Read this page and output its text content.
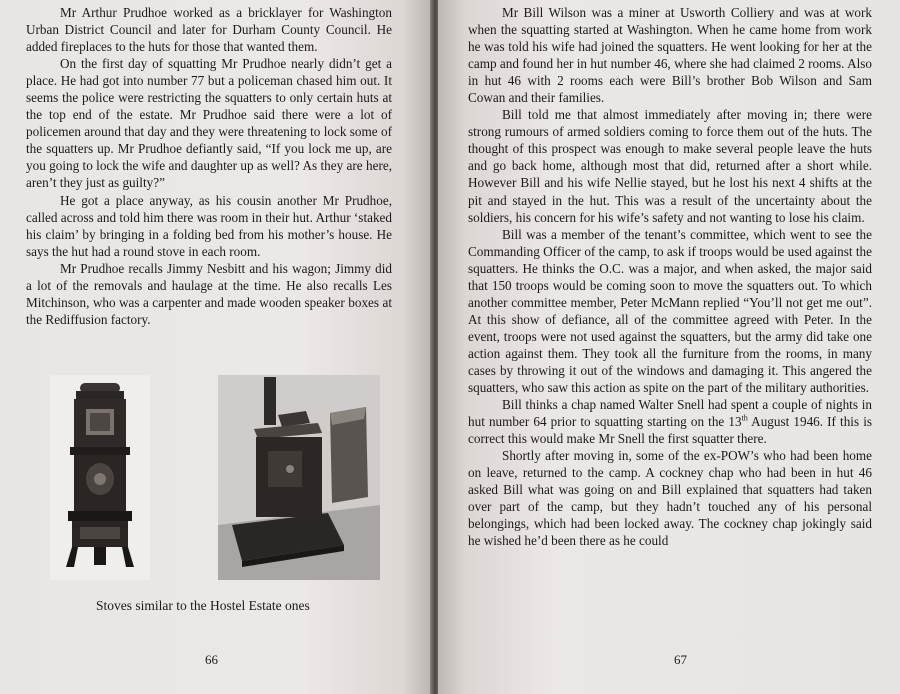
Mr Arthur Prudhoe worked as a bricklayer for Washington Urban District Council and later for Durham County Council. He added fireplaces to the huts for those that wanted them.

On the first day of squatting Mr Prudhoe nearly didn’t get a place. He had got into number 77 but a policeman chased him out. It seems the police were restricting the squatters to only certain huts at the top end of the estate. Mr Prudhoe said there were a lot of policemen around that day and they were threatening to lock some of the squatters up. Mr Prudhoe defiantly said, “If you lock me up, are you going to lock the wife and daughter up as well? As they are here, aren’t they just as guilty?”

He got a place anyway, as his cousin another Mr Prudhoe, called across and told him there was room in their hut. Arthur ‘staked his claim’ by bringing in a folding bed from his mother’s house. He says the hut had a round stove in each room.

Mr Prudhoe recalls Jimmy Nesbitt and his wagon; Jimmy did a lot of the removals and haulage at the time. He also recalls Les Mitchinson, who was a carpenter and made wooden speaker boxes at the Rediffusion factory.

Stoves similar to the Hostel Estate ones
66

Mr Bill Wilson was a miner at Usworth Colliery and was at work when the squatting started at Washington. When he came home from work he was told his wife had joined the squatters. He went looking for her at the camp and found her in hut number 46, where she had claimed 2 rooms. Also in hut 46 with 2 rooms each were Bill’s brother Bob Wilson and Sam Cowan and their families.

Bill told me that almost immediately after moving in; there were strong rumours of armed soldiers coming to force them out of the huts. The thought of this prospect was enough to make several people leave the huts and go back home, although most that did, returned after a short while. However Bill and his wife Nellie stayed, but he lost his next 4 shifts at the pit and stayed in the hut. This was a result of the uncertainty about the soldiers, his concern for his wife’s safety and not wanting to lose his claim.

Bill was a member of the tenant’s committee, which went to see the Commanding Officer of the camp, to ask if troops would be used against the squatters. He thinks the O.C. was a major, and when asked, the major said that 150 troops would be coming soon to move the squatters out. To which another committee member, Peter McMann replied “You’ll not get me out”. At this show of defiance, all of the committee agreed with Peter. In the event, troops were not used against the squatters, but the army did take one action against them. They took all the furniture from the rooms, in many cases by throwing it out of the windows and damaging it. This angered the squatters, who saw this action as spite on the part of the military authorities.

Bill thinks a chap named Walter Snell had spent a couple of nights in hut number 64 prior to squatting starting on the 13th August 1946. If this is correct this would make Mr Snell the first squatter there.

Shortly after moving in, some of the ex-POW’s who had been home on leave, returned to the camp. A cockney chap who had been in hut 46 asked Bill what was going on and Bill explained that squatters had taken over part of the camp, but they hadn’t touched any of his personal belongings, which had been locked away. The cockney chap jokingly said he wished he’d been there as he could

67
